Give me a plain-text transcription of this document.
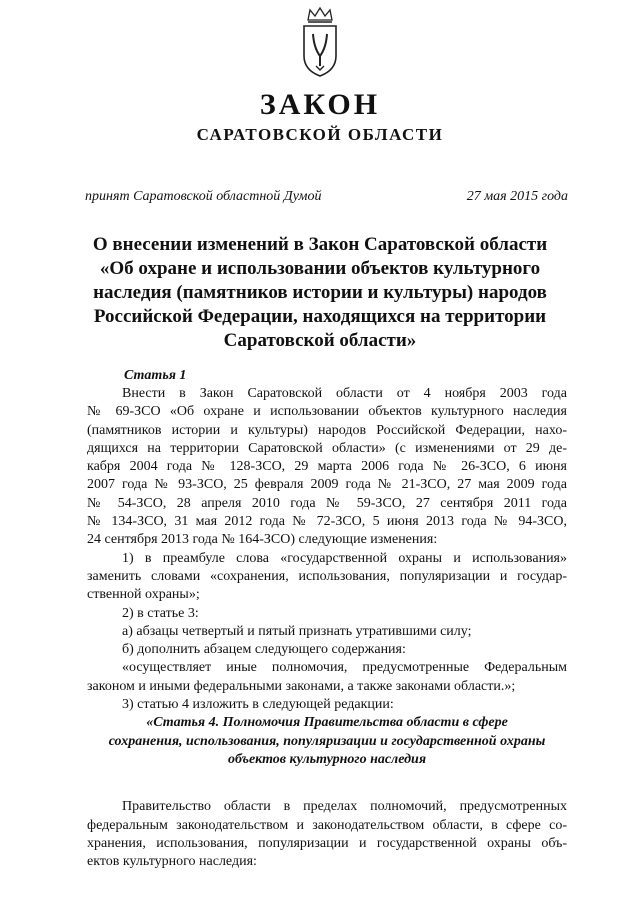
ЗАКОН
САРАТОВСКОЙ ОБЛАСТИ
принят Саратовской областной Думой	27 мая 2015 года
О внесении изменений в Закон Саратовской области
«Об охране и использовании объектов культурного
наследия (памятников истории и культуры) народов
Российской Федерации, находящихся на территории
Саратовской области»
Статья 1
Внести в Закон Саратовской области от 4 ноября 2003 года
№ 69-ЗСО «Об охране и использовании объектов культурного наследия
(памятников истории и культуры) народов Российской Федерации, нахо-
дящихся на территории Саратовской области» (с изменениями от 29 де-
кабря 2004 года № 128-ЗСО, 29 марта 2006 года № 26-ЗСО, 6 июня
2007 года № 93-ЗСО, 25 февраля 2009 года № 21-ЗСО, 27 мая 2009 года
№ 54-ЗСО, 28 апреля 2010 года № 59-ЗСО, 27 сентября 2011 года
№ 134-ЗСО, 31 мая 2012 года № 72-ЗСО, 5 июня 2013 года № 94-ЗСО,
24 сентября 2013 года № 164-ЗСО) следующие изменения:
1) в преамбуле слова «государственной охраны и использования»
заменить словами «сохранения, использования, популяризации и государ-
ственной охраны»;
2) в статье 3:
а) абзацы четвертый и пятый признать утратившими силу;
б) дополнить абзацем следующего содержания:
«осуществляет иные полномочия, предусмотренные Федеральным
законом и иными федеральными законами, а также законами области.»;
3) статью 4 изложить в следующей редакции:
«Статья 4. Полномочия Правительства области в сфере
сохранения, использования, популяризации и государственной охраны
объектов культурного наследия
Правительство области в пределах полномочий, предусмотренных
федеральным законодательством и законодательством области, в сфере со-
хранения, использования, популяризации и государственной охраны объ-
ектов культурного наследия:
